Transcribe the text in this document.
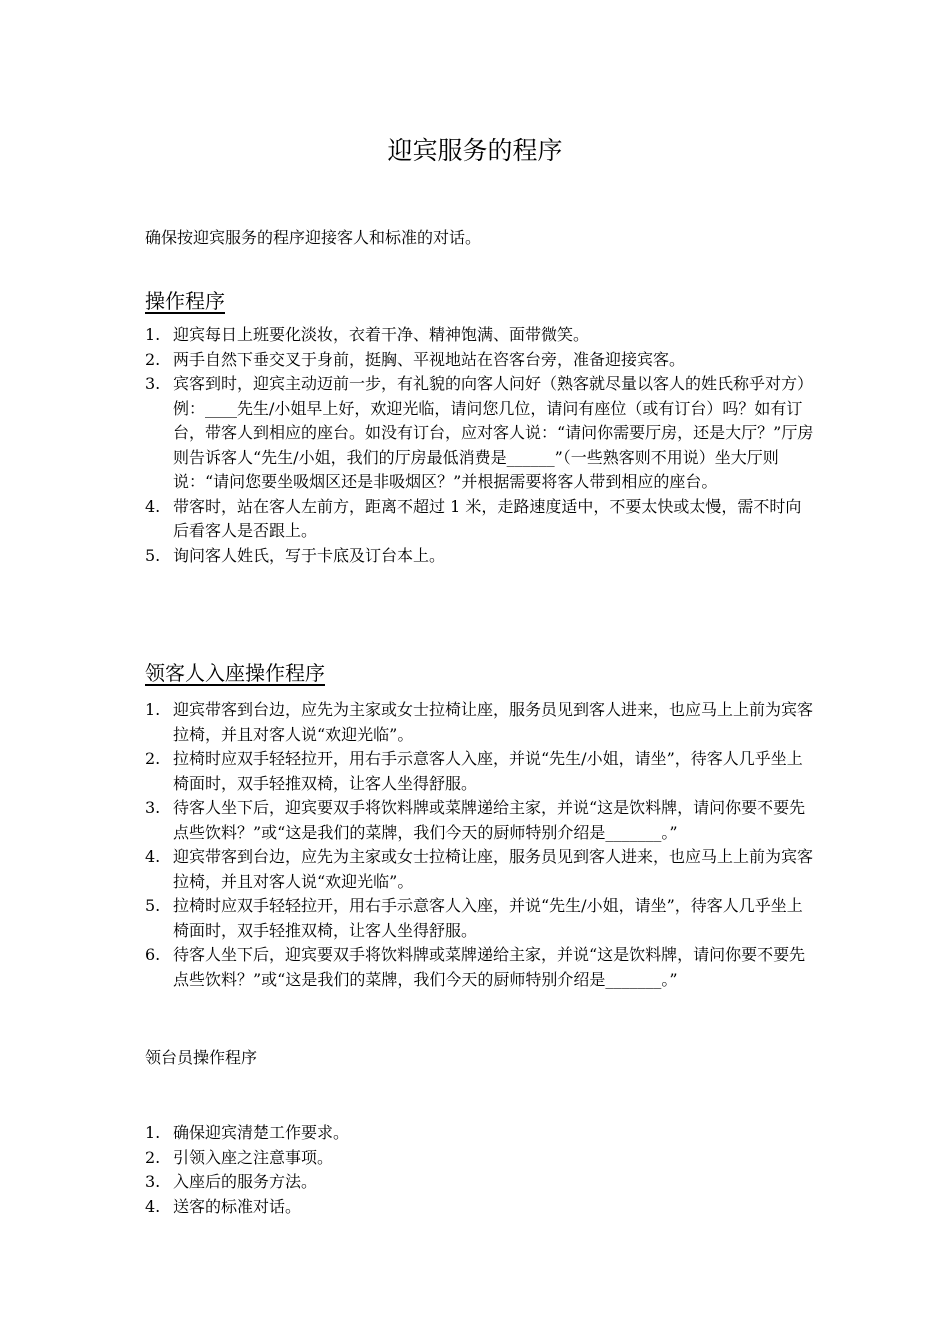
迎宾服务的程序
确保按迎宾服务的程序迎接客人和标准的对话。
操作程序
1. 迎宾每日上班要化淡妆，衣着干净、精神饱满、面带微笑。
2. 两手自然下垂交叉于身前，挺胸、平视地站在咨客台旁，准备迎接宾客。
3. 宾客到时，迎宾主动迈前一步，有礼貌的向客人问好（熟客就尽量以客人的姓氏称乎对方）例：____先生/小姐早上好，欢迎光临，请问您几位，请问有座位（或有订台）吗？如有订台，带客人到相应的座台。如没有订台，应对客人说：“请问你需要厅房，还是大厅？”厅房则告诉客人“先生/小姐，我们的厅房最低消费是______”（一些熟客则不用说）坐大厅则说：“请问您要坐吸烟区还是非吸烟区？”并根据需要将客人带到相应的座台。
4. 带客时，站在客人左前方，距离不超过 1 米，走路速度适中，不要太快或太慢，需不时向后看客人是否跟上。
5. 询问客人姓氏，写于卡底及订台本上。
领客人入座操作程序
1. 迎宾带客到台边，应先为主家或女士拉椅让座，服务员见到客人进来，也应马上上前为宾客拉椅，并且对客人说“欢迎光临”。
2. 拉椅时应双手轻轻拉开，用右手示意客人入座，并说“先生/小姐，请坐”，待客人几乎坐上椅面时，双手轻推双椅，让客人坐得舒服。
3. 待客人坐下后，迎宾要双手将饮料牌或菜牌递给主家，并说“这是饮料牌，请问你要不要先点些饮料？”或“这是我们的菜牌，我们今天的厨师特别介绍是_______。”
4. 迎宾带客到台边，应先为主家或女士拉椅让座，服务员见到客人进来，也应马上上前为宾客拉椅，并且对客人说“欢迎光临”。
5. 拉椅时应双手轻轻拉开，用右手示意客人入座，并说“先生/小姐，请坐”，待客人几乎坐上椅面时，双手轻推双椅，让客人坐得舒服。
6. 待客人坐下后，迎宾要双手将饮料牌或菜牌递给主家，并说“这是饮料牌，请问你要不要先点些饮料？”或“这是我们的菜牌，我们今天的厨师特别介绍是_______。”
领台员操作程序
1. 确保迎宾清楚工作要求。
2. 引领入座之注意事项。
3. 入座后的服务方法。
4. 送客的标准对话。
